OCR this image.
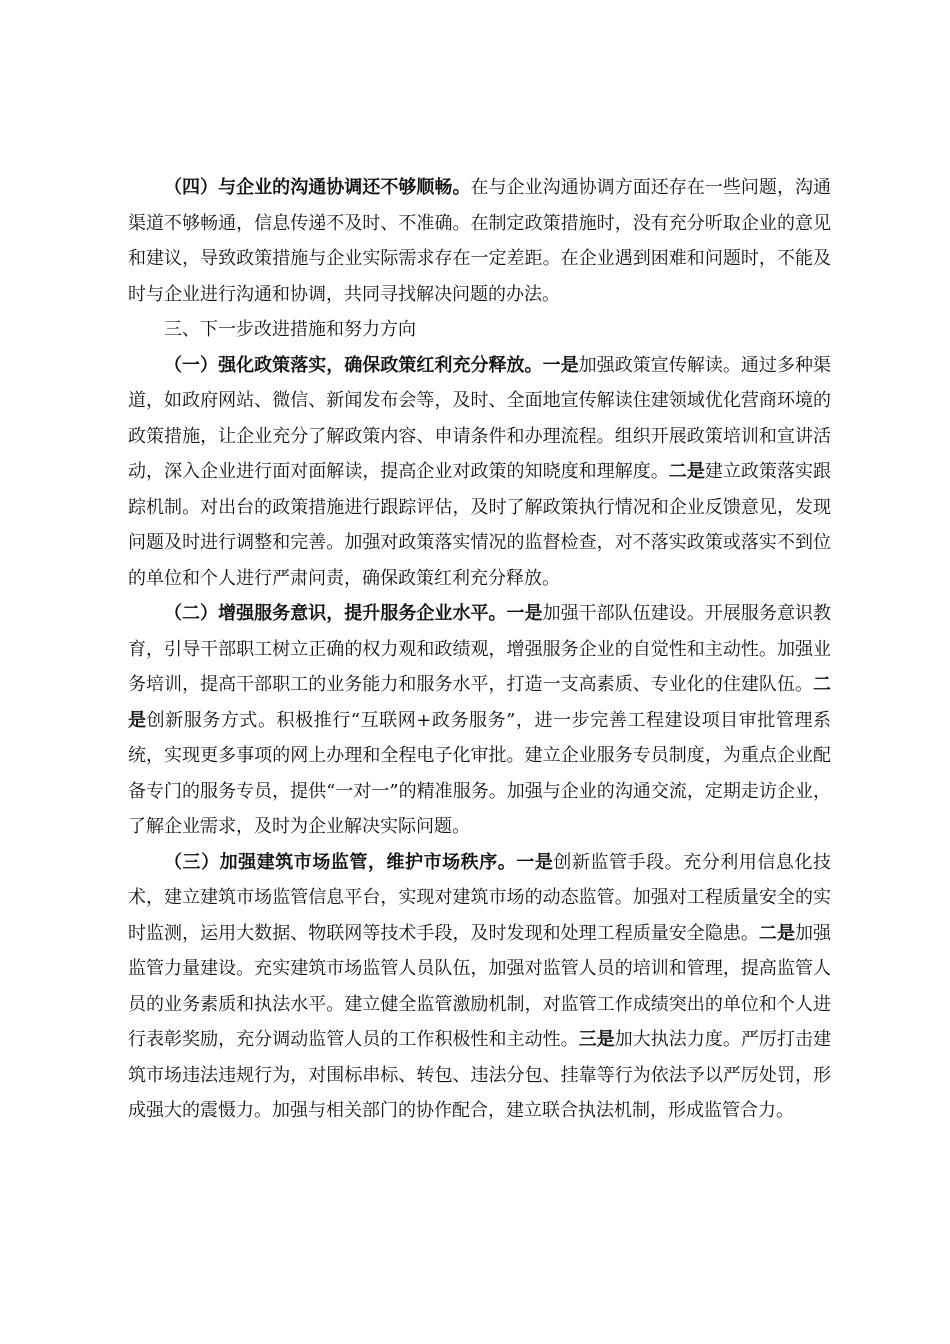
（四）与企业的沟通协调还不够顺畅。在与企业沟通协调方面还存在一些问题，沟通渠道不够畅通，信息传递不及时、不准确。在制定政策措施时，没有充分听取企业的意见和建议，导致政策措施与企业实际需求存在一定差距。在企业遇到困难和问题时，不能及时与企业进行沟通和协调，共同寻找解决问题的办法。

三、下一步改进措施和努力方向

（一）强化政策落实，确保政策红利充分释放。一是加强政策宣传解读。通过多种渠道，如政府网站、微信、新闻发布会等，及时、全面地宣传解读住建领域优化营商环境的政策措施，让企业充分了解政策内容、申请条件和办理流程。组织开展政策培训和宣讲活动，深入企业进行面对面解读，提高企业对政策的知晓度和理解度。二是建立政策落实跟踪机制。对出台的政策措施进行跟踪评估，及时了解政策执行情况和企业反馈意见，发现问题及时进行调整和完善。加强对政策落实情况的监督检查，对不落实政策或落实不到位的单位和个人进行严肃问责，确保政策红利充分释放。

（二）增强服务意识，提升服务企业水平。一是加强干部队伍建设。开展服务意识教育，引导干部职工树立正确的权力观和政绩观，增强服务企业的自觉性和主动性。加强业务培训，提高干部职工的业务能力和服务水平，打造一支高素质、专业化的住建队伍。二是创新服务方式。积极推行“互联网+政务服务”，进一步完善工程建设项目审批管理系统，实现更多事项的网上办理和全程电子化审批。建立企业服务专员制度，为重点企业配备专门的服务专员，提供“一对一”的精准服务。加强与企业的沟通交流，定期走访企业，了解企业需求，及时为企业解决实际问题。

（三）加强建筑市场监管，维护市场秩序。一是创新监管手段。充分利用信息化技术，建立建筑市场监管信息平台，实现对建筑市场的动态监管。加强对工程质量安全的实时监测，运用大数据、物联网等技术手段，及时发现和处理工程质量安全隐患。二是加强监管力量建设。充实建筑市场监管人员队伍，加强对监管人员的培训和管理，提高监管人员的业务素质和执法水平。建立健全监管激励机制，对监管工作成绩突出的单位和个人进行表彰奖励，充分调动监管人员的工作积极性和主动性。三是加大执法力度。严厉打击建筑市场违法违规行为，对围标串标、转包、违法分包、挂靠等行为依法予以严厉处罚，形成强大的震慑力。加强与相关部门的协作配合，建立联合执法机制，形成监管合力。
